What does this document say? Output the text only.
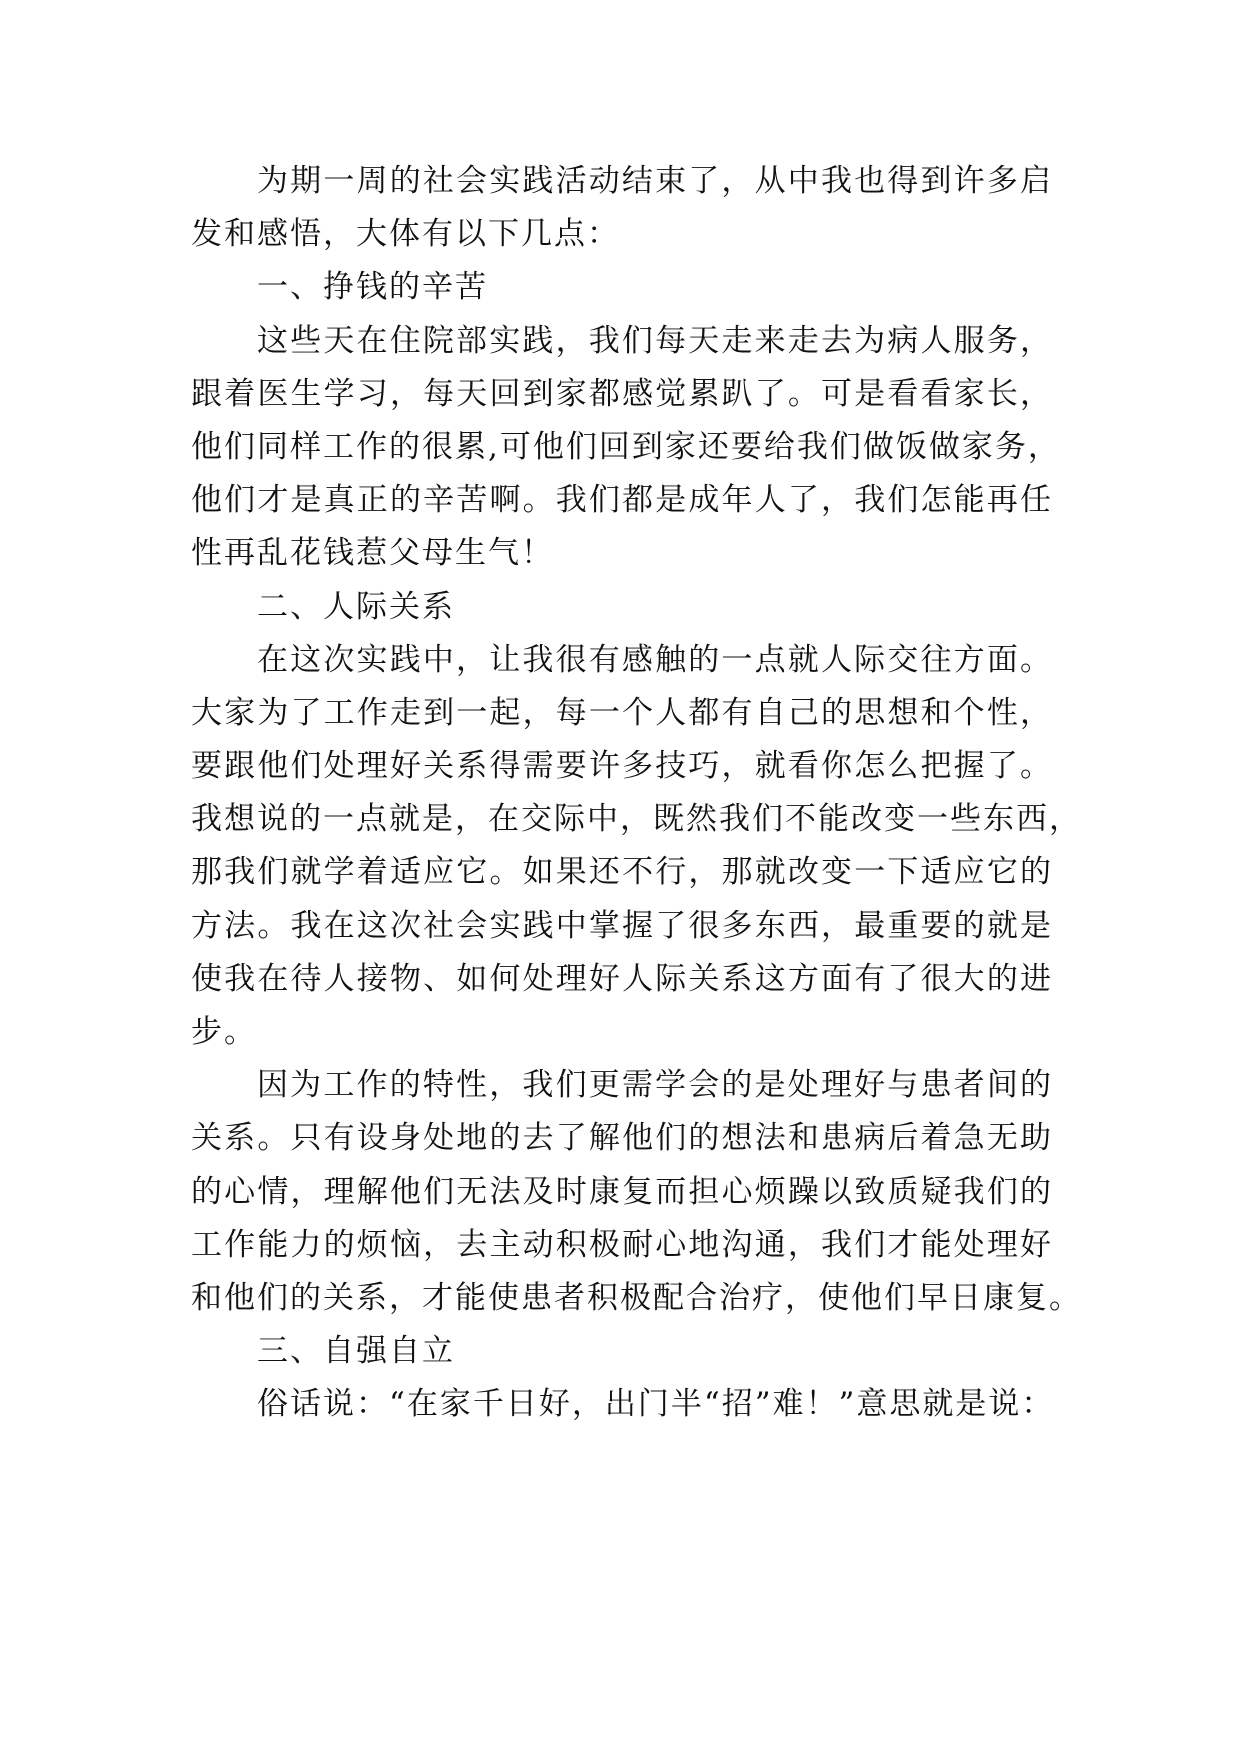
为期一周的社会实践活动结束了，从中我也得到许多启
发和感悟，大体有以下几点：
一、挣钱的辛苦
这些天在住院部实践，我们每天走来走去为病人服务，
跟着医生学习，每天回到家都感觉累趴了。可是看看家长，
他们同样工作的很累,可他们回到家还要给我们做饭做家务，
他们才是真正的辛苦啊。我们都是成年人了，我们怎能再任
性再乱花钱惹父母生气！
二、人际关系
在这次实践中，让我很有感触的一点就人际交往方面。
大家为了工作走到一起，每一个人都有自己的思想和个性，
要跟他们处理好关系得需要许多技巧，就看你怎么把握了。
我想说的一点就是，在交际中，既然我们不能改变一些东西，
那我们就学着适应它。如果还不行，那就改变一下适应它的
方法。我在这次社会实践中掌握了很多东西，最重要的就是
使我在待人接物、如何处理好人际关系这方面有了很大的进
步。
因为工作的特性，我们更需学会的是处理好与患者间的
关系。只有设身处地的去了解他们的想法和患病后着急无助
的心情，理解他们无法及时康复而担心烦躁以致质疑我们的
工作能力的烦恼，去主动积极耐心地沟通，我们才能处理好
和他们的关系，才能使患者积极配合治疗，使他们早日康复。
三、自强自立
俗话说：“在家千日好，出门半“招”难！”意思就是说：
